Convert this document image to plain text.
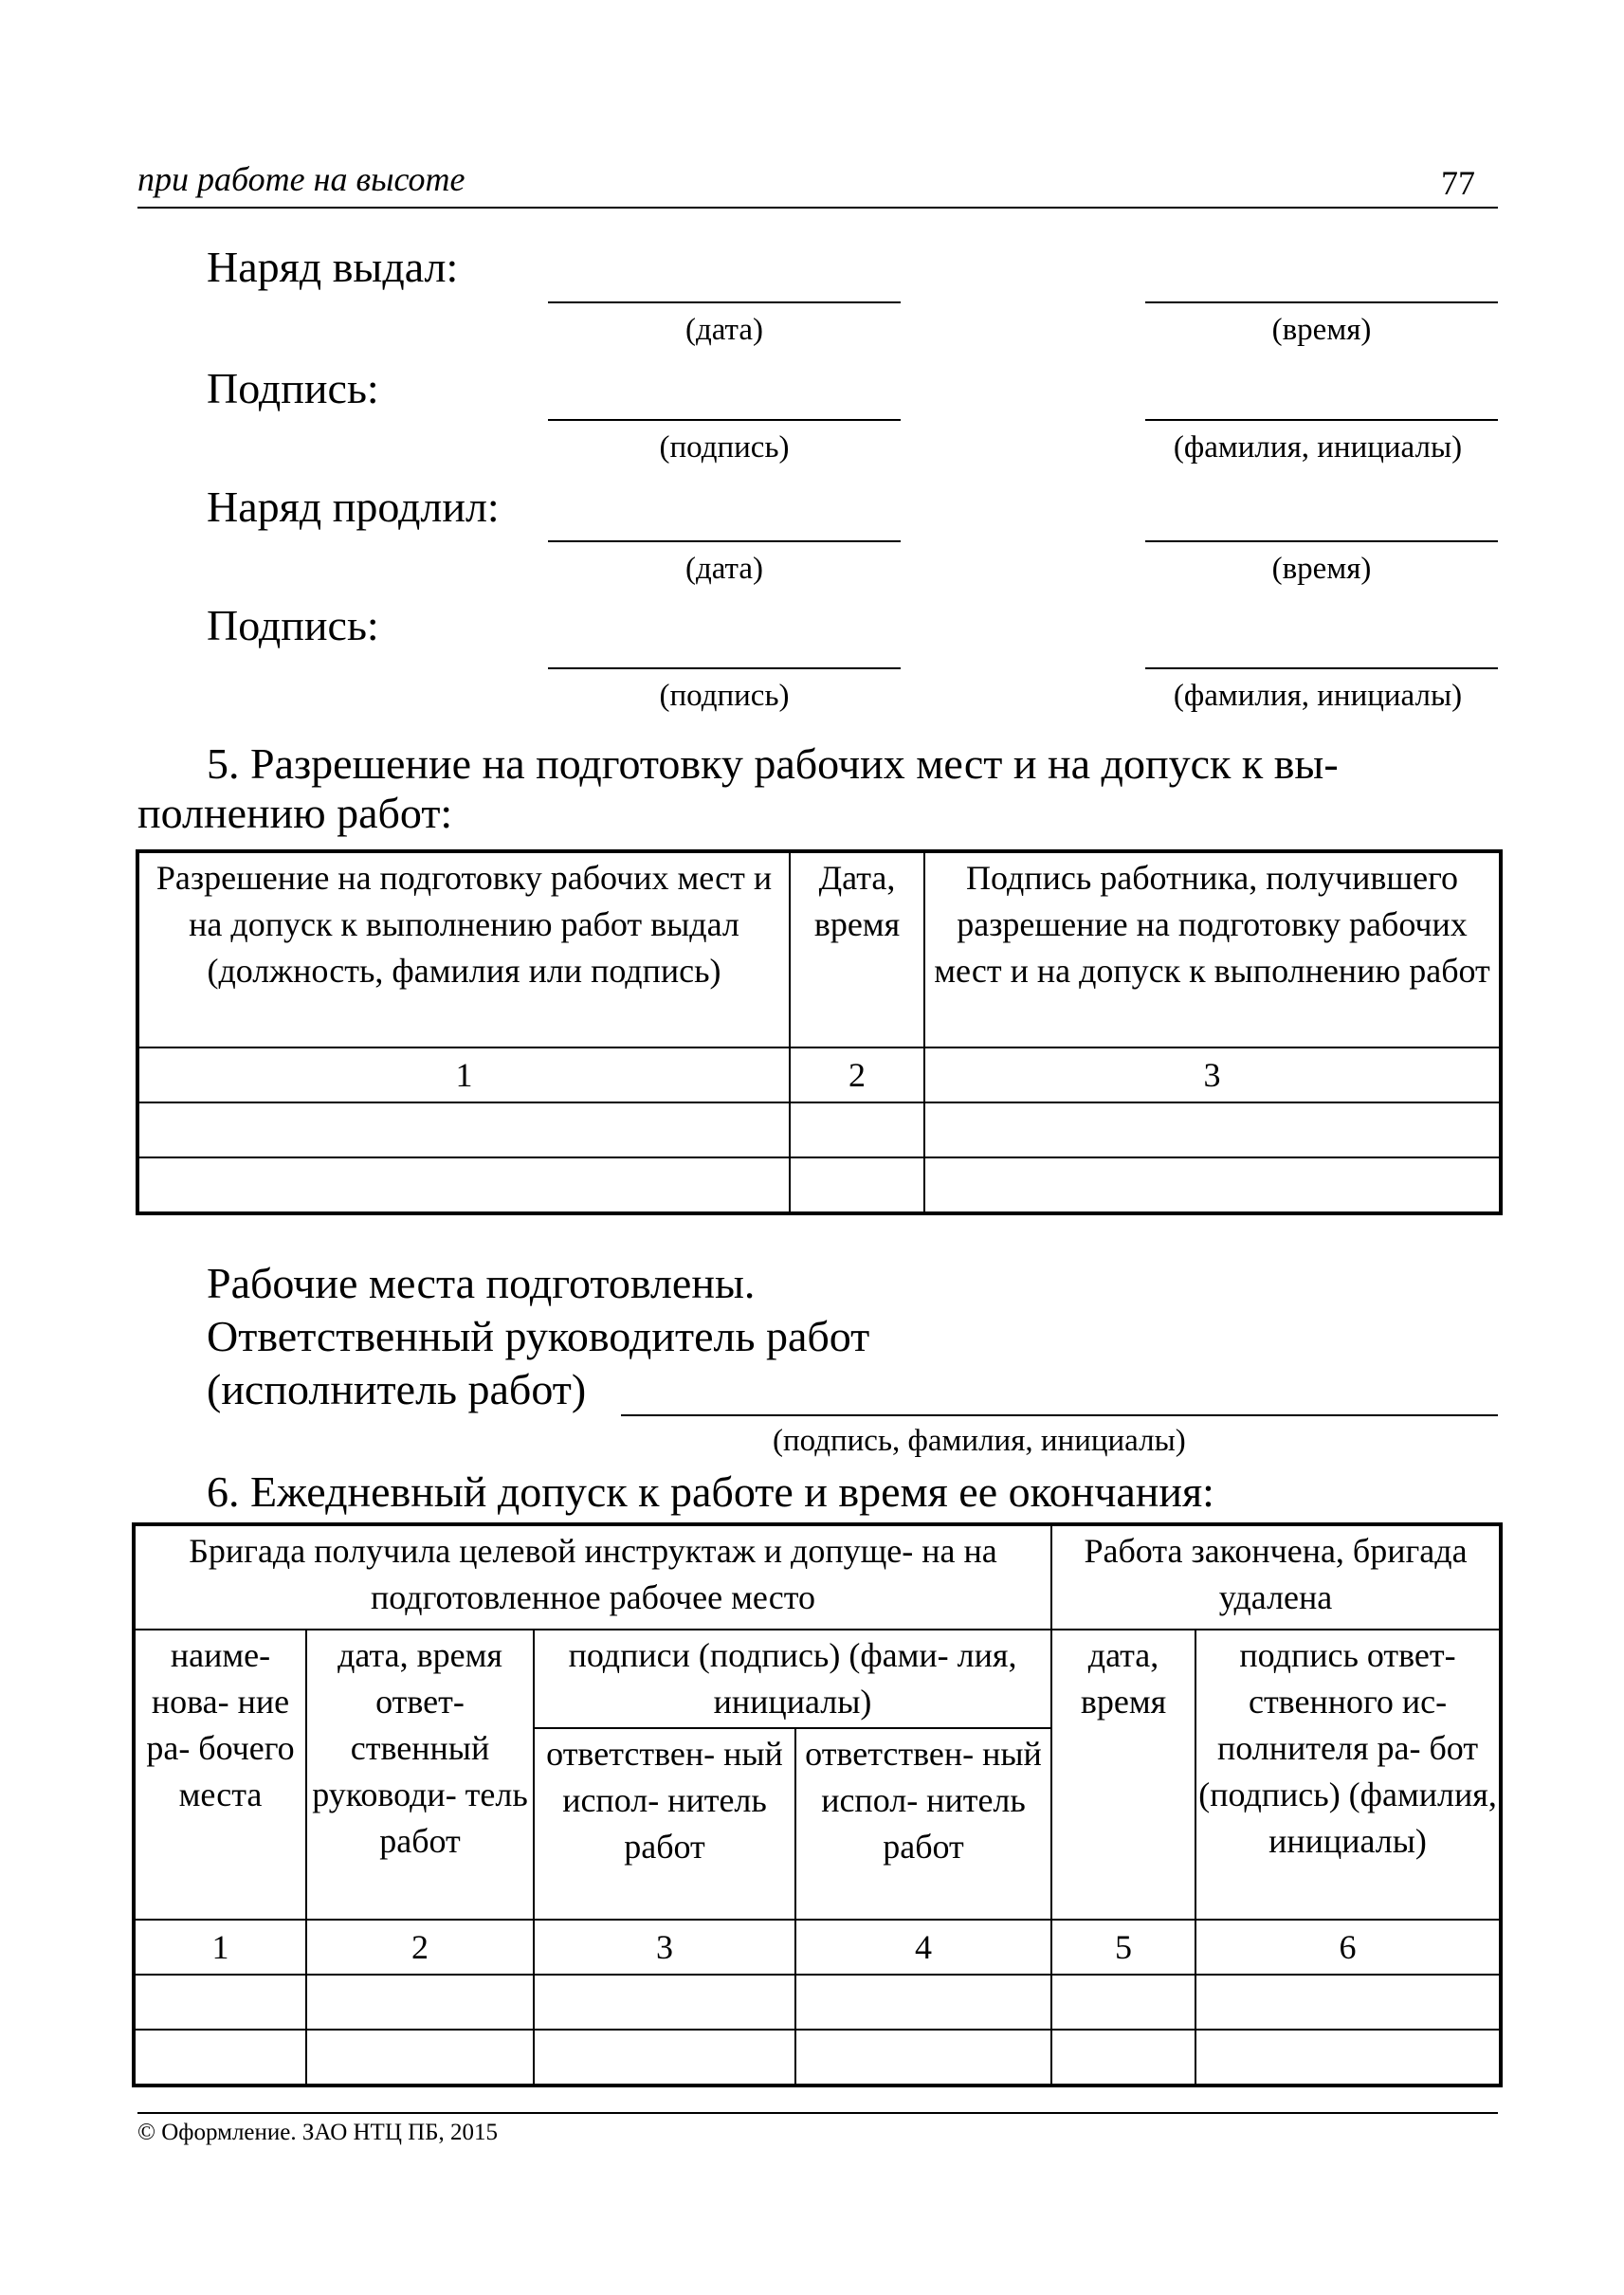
при работе на высоте	77
Наряд выдал:
(дата)	(время)
Подпись:
(подпись)	(фамилия, инициалы)
Наряд продлил:
(дата)	(время)
Подпись:
(подпись)	(фамилия, инициалы)
5. Разрешение на подготовку рабочих мест и на допуск к вы-
полнению работ:
Разрешение на подготовку рабочих мест и на допуск к выполнению работ выдал (должность, фамилия или подпись)	Дата, время	Подпись работника, получившего разрешение на подготовку рабочих мест и на допуск к выполнению работ
1	2	3

Рабочие места подготовлены.
Ответственный руководитель работ
(исполнитель работ)
(подпись, фамилия, инициалы)
6. Ежедневный допуск к работе и время ее окончания:
Бригада получила целевой инструктаж и допуще- на на подготовленное рабочее место				Работа закончена, бригада удалена	
наиме- нова- ние ра- бочего места	дата, время ответ- ственный руководи- тель работ	подписи (подпись) (фами- лия, инициалы)		дата, время	подпись ответ- ственного ис- полнителя ра- бот (подпись) (фамилия, инициалы)
		ответствен- ный испол- нитель работ	ответствен- ный испол- нитель работ		
1	2	3	4	5	6

© Оформление. ЗАО НТЦ ПБ, 2015
